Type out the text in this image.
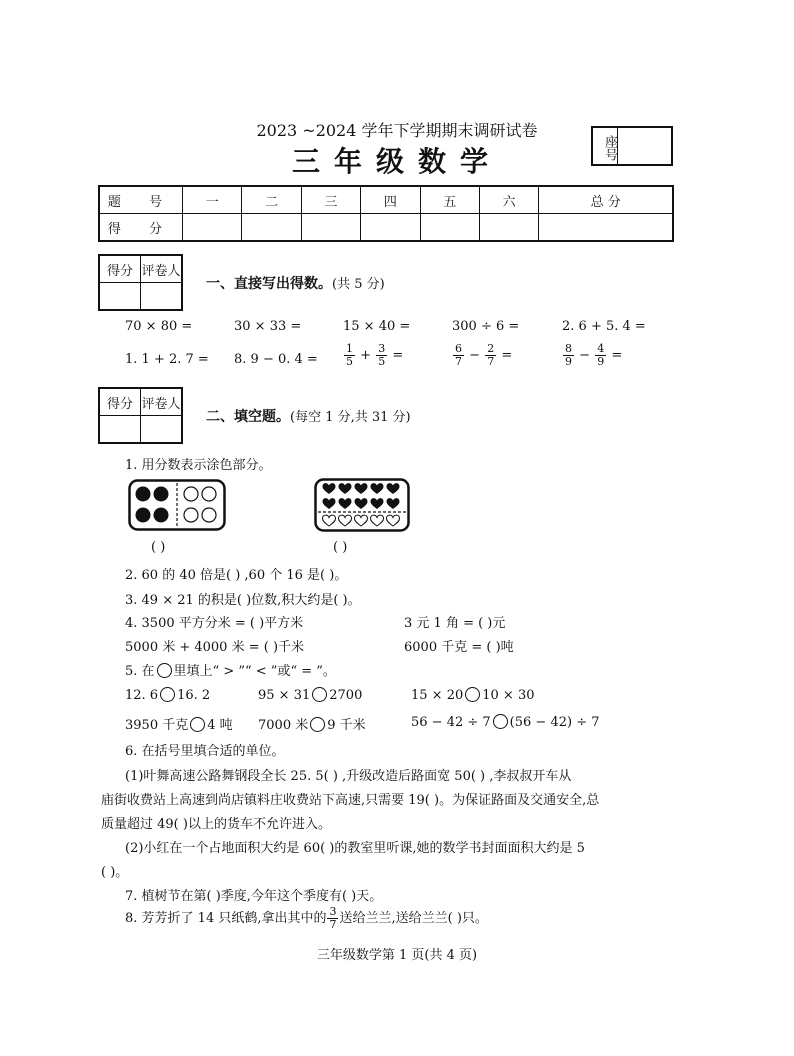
2023 ~2024 学年下学期期末调研试卷
三年级数学	座号
题 号	一	二	三	四	五	六	总 分
得 分							
得分	评卷人

一、直接写出得数。(共 5 分)
70 × 80 =	30 × 33 =	15 × 40 =	300 ÷ 6 =	2. 6 + 5. 4 =
1. 1 + 2. 7 = 8. 9 − 0. $4 = \frac{1}{5} + \frac{3}{5}$ =	$\frac{6}{7} - \frac{2}{7}$ =	$\frac{8}{9} - \frac{4}{9}$ =
得分	评卷人

二、填空题。(每空 1 分,共 31 分)
1. 用分数表示涂色部分。
( )	( )
2. 60 的 40 倍是( ) ,60 个 16 是( )。
3. 49 × 21 的积是( )位数,积大约是( )。
4. 3500 平方分米 = ( )平方米	3 元 1 角 = ( )元
5000 米 + 4000 米 = ( )千米	6000 千克 = ( )吨
5. 在 里填上“ > ”“ < ”或“ = ”。
12. 6 16. 2	95 × 31 2700	15 × 20 10 × 30
3950 千克 4 吨 7000 米 9 千米	56 − 42 ÷ 7 (56 − 42) ÷ 7
6. 在括号里填合适的单位。
(1)叶舞高速公路舞钢段全长 25. 5( ) ,升级改造后路面宽 50( ) ,李叔叔开车从
庙街收费站上高速到尚店镇料庄收费站下高速,只需要 19( )。为保证路面及交通安全,总
质量超过 49( )以上的货车不允许进入。
(2)小红在一个占地面积大约是 60( )的教室里听课,她的数学书封面面积大约是 5
( )。
7. 植树节在第( )季度,今年这个季度有( )天。
8. 芳芳折了 14 只纸鹤,拿出其中的 $\frac{3}{7}$ 送给兰兰,送给兰兰( )只。
三年级数学第 1 页(共 4 页)
